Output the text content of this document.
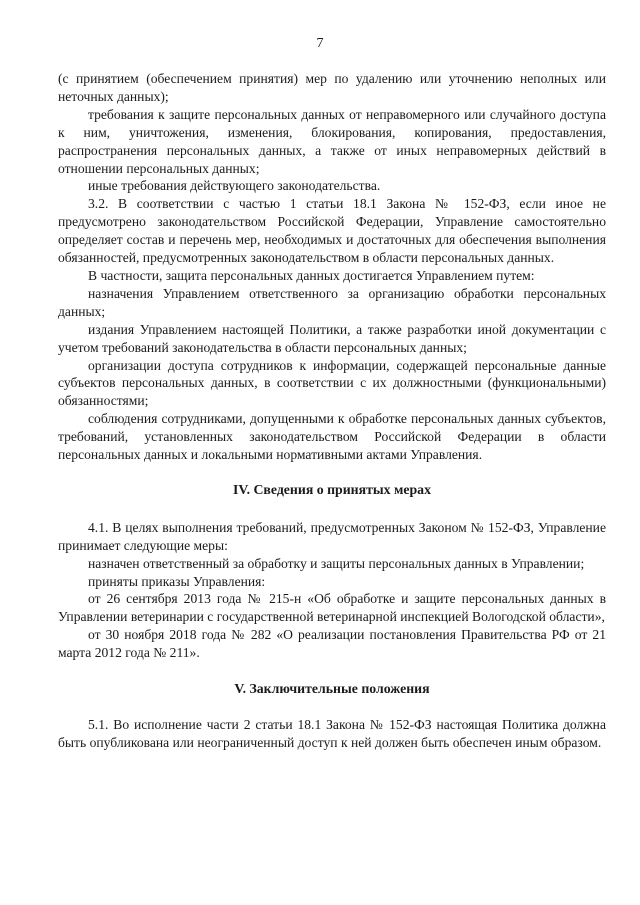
7

(с принятием (обеспечением принятия) мер по удалению или уточнению неполных или неточных данных);

требования к защите персональных данных от неправомерного или случайного доступа к ним, уничтожения, изменения, блокирования, копирования, предоставления, распространения персональных данных, а также от иных неправомерных действий в отношении персональных данных;

иные требования действующего законодательства.

3.2. В соответствии с частью 1 статьи 18.1 Закона № 152-ФЗ, если иное не предусмотрено законодательством Российской Федерации, Управление самостоятельно определяет состав и перечень мер, необходимых и достаточных для обеспечения выполнения обязанностей, предусмотренных законодательством в области персональных данных.

В частности, защита персональных данных достигается Управлением путем:

назначения Управлением ответственного за организацию обработки персональных данных;

издания Управлением настоящей Политики, а также разработки иной документации с учетом требований законодательства в области персональных данных;

организации доступа сотрудников к информации, содержащей персональные данные субъектов персональных данных, в соответствии с их должностными (функциональными) обязанностями;

соблюдения сотрудниками, допущенными к обработке персональных данных субъектов, требований, установленных законодательством Российской Федерации в области персональных данных и локальными нормативными актами Управления.

IV. Сведения о принятых мерах

4.1. В целях выполнения требований, предусмотренных Законом № 152-ФЗ, Управление принимает следующие меры:

назначен ответственный за обработку и защиты персональных данных в Управлении;

приняты приказы Управления:

от 26 сентября 2013 года № 215-н «Об обработке и защите персональных данных в Управлении ветеринарии с государственной ветеринарной инспекцией Вологодской области»,

от 30 ноября 2018 года № 282 «О реализации постановления Правительства РФ от 21 марта 2012 года № 211».

V. Заключительные положения

5.1. Во исполнение части 2 статьи 18.1 Закона № 152-ФЗ настоящая Политика должна быть опубликована или неограниченный доступ к ней должен быть обеспечен иным образом.
